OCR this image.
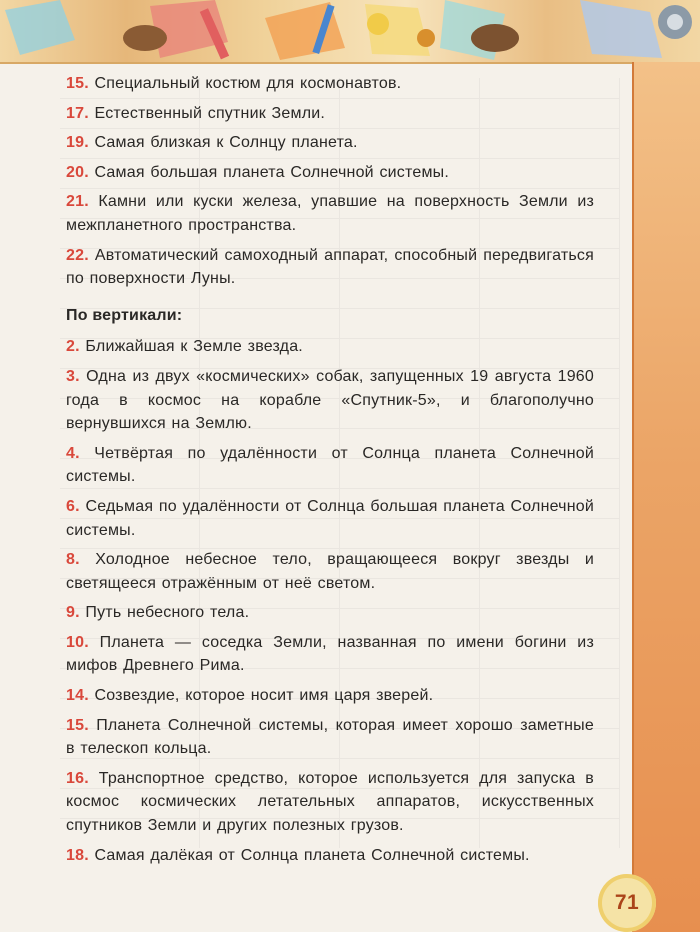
15. Специальный костюм для космонавтов.
17. Естественный спутник Земли.
19. Самая близкая к Солнцу планета.
20. Самая большая планета Солнечной системы.
21. Камни или куски железа, упавшие на поверхность Земли из межпланетного пространства.
22. Автоматический самоходный аппарат, способный передвигаться по поверхности Луны.
По вертикали:
2. Ближайшая к Земле звезда.
3. Одна из двух «космических» собак, запущенных 19 августа 1960 года в космос на корабле «Спутник-5», и благополучно вернувшихся на Землю.
4. Четвёртая по удалённости от Солнца планета Солнечной системы.
6. Седьмая по удалённости от Солнца большая планета Солнечной системы.
8. Холодное небесное тело, вращающееся вокруг звезды и светящееся отражённым от неё светом.
9. Путь небесного тела.
10. Планета — соседка Земли, названная по имени богини из мифов Древнего Рима.
14. Созвездие, которое носит имя царя зверей.
15. Планета Солнечной системы, которая имеет хорошо заметные в телескоп кольца.
16. Транспортное средство, которое используется для запуска в космос космических летательных аппаратов, искусственных спутников Земли и других полезных грузов.
18. Самая далёкая от Солнца планета Солнечной системы.
71
